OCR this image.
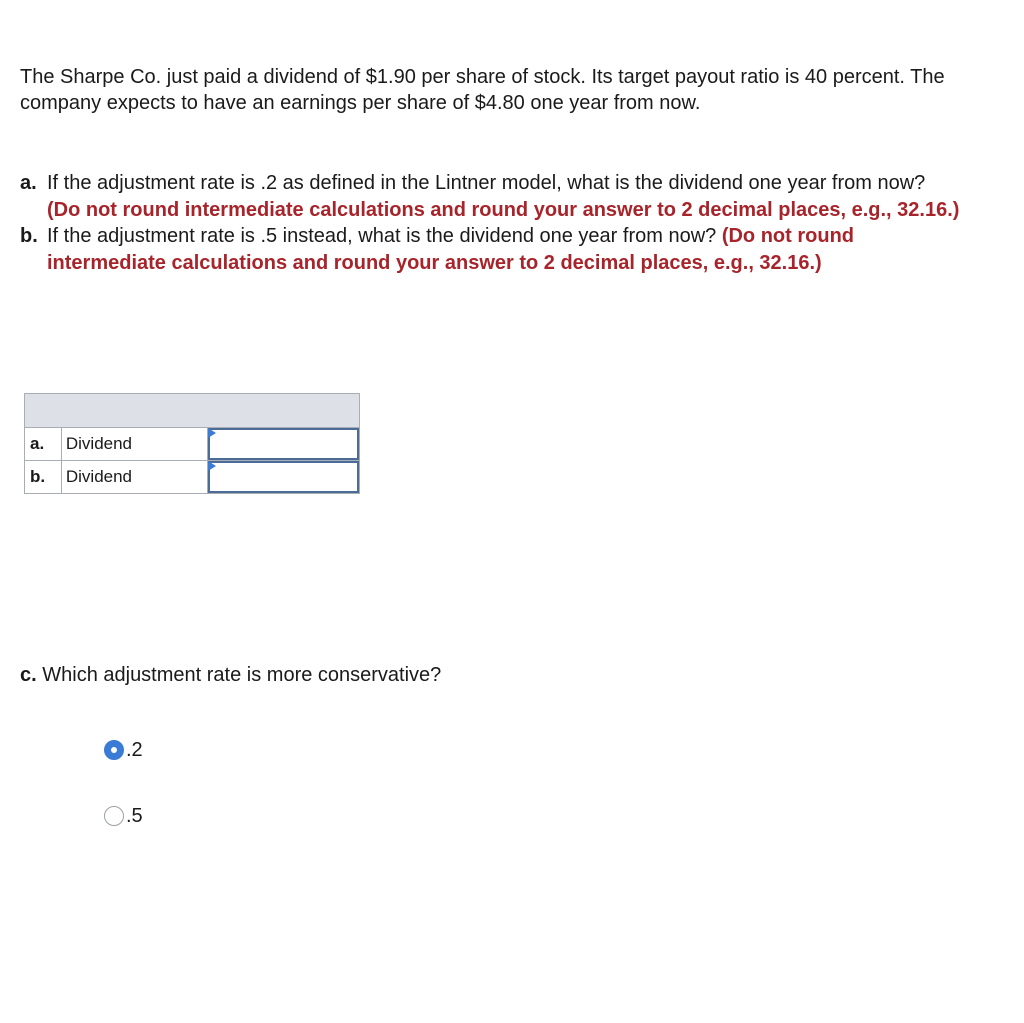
The Sharpe Co. just paid a dividend of $1.90 per share of stock. Its target payout ratio is 40 percent. The company expects to have an earnings per share of $4.80 one year from now.

a. If the adjustment rate is .2 as defined in the Lintner model, what is the dividend one year from now? (Do not round intermediate calculations and round your answer to 2 decimal places, e.g., 32.16.)
b. If the adjustment rate is .5 instead, what is the dividend one year from now? (Do not round intermediate calculations and round your answer to 2 decimal places, e.g., 32.16.)

a.	Dividend	

b.	Dividend	

c. Which adjustment rate is more conservative?

.2
.5
